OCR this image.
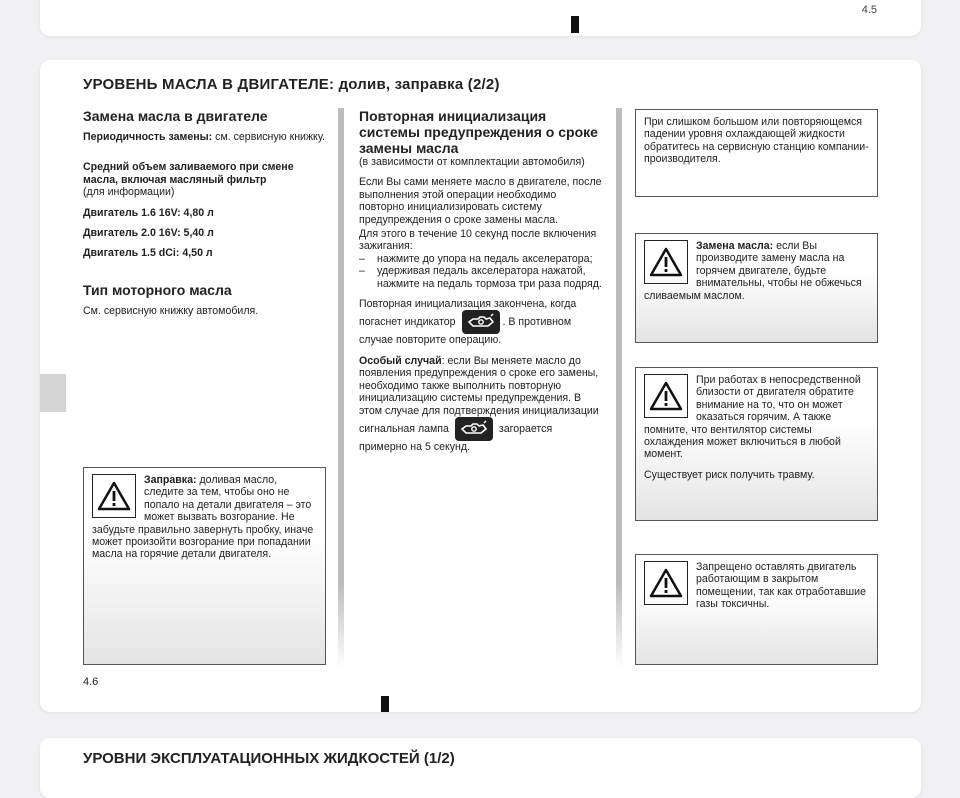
4.5
УРОВЕНЬ МАСЛА В ДВИГАТЕЛЕ: долив, заправка (2/2)
Замена масла в двигателе

Периодичность замены: см. сервисную книжку.

Средний объем заливаемого при смене масла, включая масляный фильтр

(для информации)

Двигатель 1.6 16V: 4,80 л

Двигатель 2.0 16V: 5,40 л

Двигатель 1.5 dCi: 4,50 л

Тип моторного масла

См. сервисную книжку автомобиля.

Заправка: доливая масло, следите за тем, чтобы оно не попало на детали двигателя – это может вызвать возгорание. Не забудьте правильно завернуть пробку, иначе может произойти возгорание при попадании масла на горячие детали двигателя.
Повторная инициализация системы предупреждения о сроке замены масла

(в зависимости от комплектации автомобиля)

Если Вы сами меняете масло в двигателе, после выполнения этой операции необходимо повторно инициализировать систему предупреждения о сроке замены масла.

Для этого в течение 10 секунд после включения зажигания:

– нажмите до упора на педаль акселератора;
– удерживая педаль акселератора нажатой, нажмите на педаль тормоза три раза подряд.

Повторная инициализация закончена, когда погаснет индикатор	. В противном случае повторите операцию.

Особый случай: если Вы меняете масло до появления предупреждения о сроке его замены, необходимо также выполнить повторную инициализацию системы предупреждения. В этом случае для подтверждения инициализации сигнальная лампа	загорается примерно на 5 секунд.

При слишком большом или повторяющемся падении уровня охлаждающей жидкости обратитесь на сервисную станцию компании-производителя.
Замена масла: если Вы производите замену масла на горячем двигателе, будьте внимательны, чтобы не обжечься сливаемым маслом.

При работах в непосредственной близости от двигателя обратите внимание на то, что он может оказаться горячим. А также помните, что вентилятор системы охлаждения может включиться в любой момент.

Существует риск получить травму.

Запрещено оставлять двигатель работающим в закрытом помещении, так как отработавшие газы токсичны.
4.6
УРОВНИ ЭКСПЛУАТАЦИОННЫХ ЖИДКОСТЕЙ (1/2)
